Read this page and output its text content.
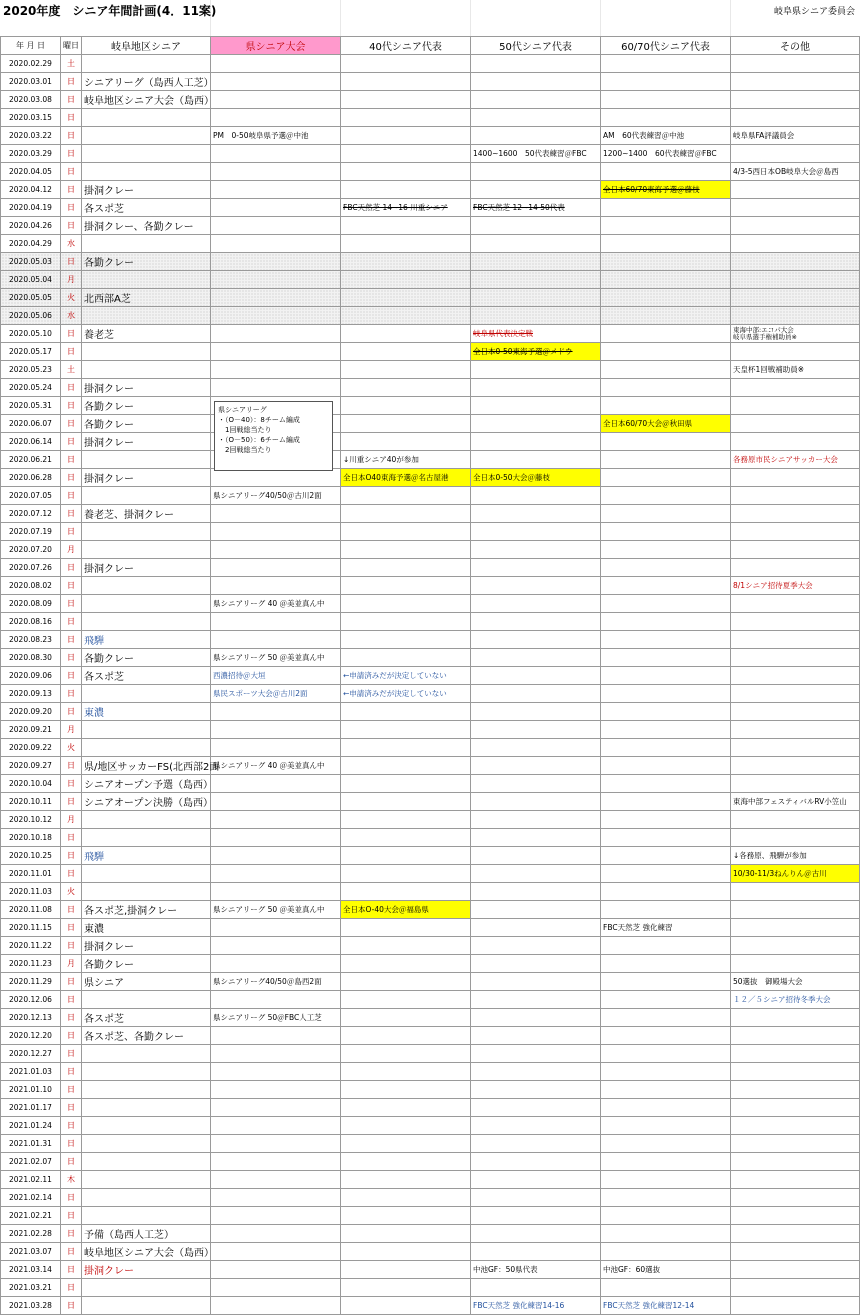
2020年度　シニア年間計画(4．11案)	岐阜県シニア委員会
年 月 日	曜日	岐阜地区シニア	県シニア大会	40代シニア代表	50代シニア代表	60/70代シニア代表	その他
2020.02.29	土						
2020.03.01	日	シニアリーグ（島西人工芝）					
2020.03.08	日	岐阜地区シニア大会（島西）					
2020.03.15	日						
2020.03.22	日		PM　0-50岐阜県予選＠中池			AM　60代表練習＠中池	岐阜県FA評議員会
2020.03.29	日				1400~1600　50代表練習＠FBC	1200~1400　60代表練習＠FBC	
2020.04.05	日						4/3-5西日本OB岐阜大会＠島西
2020.04.12	日	掛洞クレー				全日本60/70東海予選＠藤枝	
2020.04.19	日	各スポ芝		FBC天然芝 14~16 川重シニア	FBC天然芝 12~14 50代表		
2020.04.26	日	掛洞クレー、各勤クレー					
2020.04.29	水						
2020.05.03	日	各勤クレー					
2020.05.04	月						
2020.05.05	火	北西部A芝					
2020.05.06	水						
2020.05.10	日	養老芝			岐阜県代表決定戦		東海中部:エコパ大会
岐阜県選手権補助員※
2020.05.17	日				全日本0-50東海予選＠メドウ		
2020.05.23	土						天皇杯1回戦補助員※
2020.05.24	日	掛洞クレー					
2020.05.31	日	各勤クレー					
2020.06.07	日	各勤クレー				全日本60/70大会＠秋田県	
2020.06.14	日	掛洞クレー					
2020.06.21	日			↓川重シニア40が参加			各務原市民シニアサッカー大会
2020.06.28	日	掛洞クレー		全日本O40東海予選＠名古屋港	全日本0-50大会＠藤枝		
2020.07.05	日		県シニアリーグ40/50＠古川2面				
2020.07.12	日	養老芝、掛洞クレー					
2020.07.19	日						
2020.07.20	月						
2020.07.26	日	掛洞クレー					
2020.08.02	日						8/1シニア招待夏季大会
2020.08.09	日		県シニアリーグ 40 ＠美並真ん中				
2020.08.16	日						
2020.08.23	日	飛騨					
2020.08.30	日	各勤クレー	県シニアリーグ 50 ＠美並真ん中				
2020.09.06	日	各スポ芝	西濃招待＠大垣	←申請済みだが決定していない			
2020.09.13	日		県民スポーツ大会＠古川2面	←申請済みだが決定していない			
2020.09.20	日	東濃					
2020.09.21	月						
2020.09.22	火						
2020.09.27	日	県/地区サッカーFS(北西部2面	県シニアリーグ 40 ＠美並真ん中				
2020.10.04	日	シニアオープン予選（島西）					
2020.10.11	日	シニアオープン決勝（島西）					東海中部フェスティバルRV小笠山
2020.10.12	月						
2020.10.18	日						
2020.10.25	日	飛騨					↓各務原、飛騨が参加
2020.11.01	日						10/30-11/3ねんりん＠古川
2020.11.03	火						
2020.11.08	日	各スポ芝,掛洞クレー	県シニアリーグ 50 ＠美並真ん中	全日本O-40大会＠福島県			
2020.11.15	日	東濃				FBC天然芝 強化練習	
2020.11.22	日	掛洞クレー					
2020.11.23	月	各勤クレー					
2020.11.29	日	県シニア	県シニアリーグ40/50＠島西2面				50選抜　御殿場大会
2020.12.06	日						１２／５シニア招待冬季大会
2020.12.13	日	各スポ芝	県シニアリーグ 50＠FBC人工芝				
2020.12.20	日	各スポ芝、各勤クレー					
2020.12.27	日						
2021.01.03	日						
2021.01.10	日						
2021.01.17	日						
2021.01.24	日						
2021.01.31	日						
2021.02.07	日						
2021.02.11	木						
2021.02.14	日						
2021.02.21	日						
2021.02.28	日	予備（島西人工芝）					
2021.03.07	日	岐阜地区シニア大会（島西）					
2021.03.14	日	掛洞クレー			中池GF：50県代表	中池GF：60選抜	
2021.03.21	日						
2021.03.28	日				FBC天然芝 強化練習14-16	FBC天然芝 強化練習12-14	
県シニアリーグ
・（O－40）：8チーム編成
　1回戦総当たり
・（O－50）：6チーム編成
　2回戦総当たり
